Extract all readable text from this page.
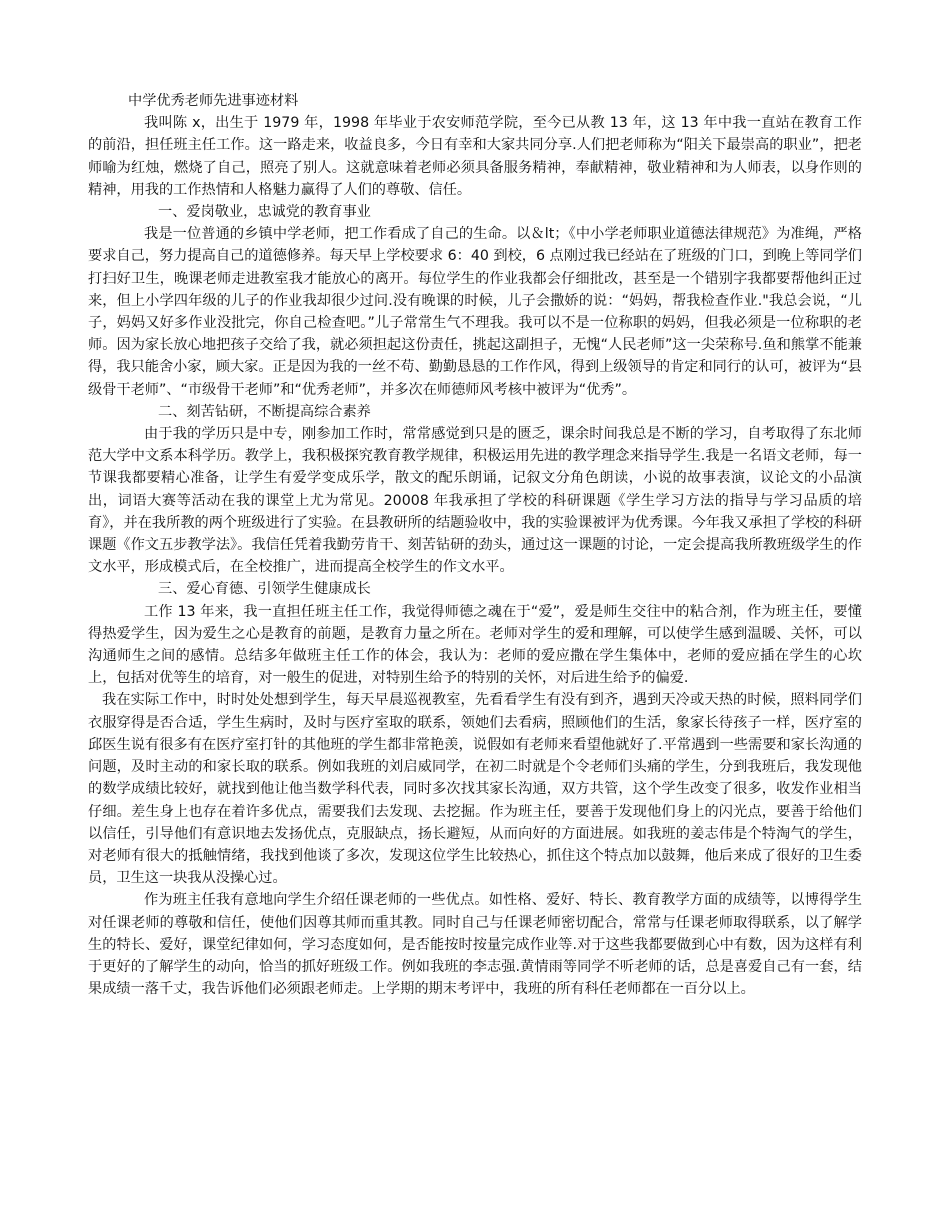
中学优秀老师先进事迹材料

我叫陈 x，出生于 1979 年，1998 年毕业于农安师范学院，至今已从教 13 年，这 13 年中我一直站在教育工作的前沿，担任班主任工作。这一路走来，收益良多，今日有幸和大家共同分享.人们把老师称为“阳关下最崇高的职业”，把老师喻为红烛，燃烧了自己，照亮了别人。这就意味着老师必须具备服务精神，奉献精神，敬业精神和为人师表，以身作则的精神，用我的工作热情和人格魅力赢得了人们的尊敬、信任。

一、爱岗敬业，忠诚党的教育事业

我是一位普通的乡镇中学老师，把工作看成了自己的生命。以＆lt；《中小学老师职业道德法律规范》为准绳，严格要求自己，努力提高自己的道德修养。每天早上学校要求 6：40 到校，6 点刚过我已经站在了班级的门口，到晚上等同学们打扫好卫生，晚课老师走进教室我才能放心的离开。每位学生的作业我都会仔细批改，甚至是一个错别字我都要帮他纠正过来，但上小学四年级的儿子的作业我却很少过问.没有晚课的时候，儿子会撒娇的说：“妈妈，帮我检查作业."我总会说，“儿子，妈妈又好多作业没批完，你自己检查吧。”儿子常常生气不理我。我可以不是一位称职的妈妈，但我必须是一位称职的老师。因为家长放心地把孩子交给了我，就必须担起这份责任，挑起这副担子，无愧“人民老师”这一尖荣称号.鱼和熊掌不能兼得，我只能舍小家，顾大家。正是因为我的一丝不苟、勤勤恳恳的工作作风，得到上级领导的肯定和同行的认可，被评为“县级骨干老师”、“市级骨干老师”和“优秀老师”，并多次在师德师风考核中被评为“优秀”。

二、刻苦钻研，不断提高综合素养

由于我的学历只是中专，刚参加工作时，常常感觉到只是的匮乏，课余时间我总是不断的学习，自考取得了东北师范大学中文系本科学历。教学上，我积极探究教育教学规律，积极运用先进的教学理念来指导学生.我是一名语文老师，每一节课我都要精心准备，让学生有爱学变成乐学，散文的配乐朗诵，记叙文分角色朗读，小说的故事表演，议论文的小品演出，词语大赛等活动在我的课堂上尤为常见。20008 年我承担了学校的科研课题《学生学习方法的指导与学习品质的培育》，并在我所教的两个班级进行了实验。在县教研所的结题验收中，我的实验课被评为优秀课。今年我又承担了学校的科研课题《作文五步教学法》。我信任凭着我勤劳肯干、刻苦钻研的劲头，通过这一课题的讨论，一定会提高我所教班级学生的作文水平，形成模式后，在全校推广，进而提高全校学生的作文水平。

三、爱心育德、引领学生健康成长

工作 13 年来，我一直担任班主任工作，我觉得师德之魂在于“爱”，爱是师生交往中的粘合剂，作为班主任，要懂得热爱学生，因为爱生之心是教育的前题，是教育力量之所在。老师对学生的爱和理解，可以使学生感到温暖、关怀，可以沟通师生之间的感情。总结多年做班主任工作的体会，我认为：老师的爱应撒在学生集体中，老师的爱应插在学生的心坎上，包括对优等生的培育，对一般生的促进，对特别生给予的特别的关怀，对后进生给予的偏爱.

我在实际工作中，时时处处想到学生，每天早晨巡视教室，先看看学生有没有到齐，遇到天冷或天热的时候，照料同学们衣服穿得是否合适，学生生病时，及时与医疗室取的联系，领她们去看病，照顾他们的生活，象家长待孩子一样，医疗室的邱医生说有很多有在医疗室打针的其他班的学生都非常艳羡，说假如有老师来看望他就好了.平常遇到一些需要和家长沟通的问题，及时主动的和家长取的联系。例如我班的刘启威同学，在初二时就是个令老师们头痛的学生，分到我班后，我发现他的数学成绩比较好，就找到他让他当数学科代表，同时多次找其家长沟通，双方共管，这个学生改变了很多，收发作业相当仔细。差生身上也存在着许多优点，需要我们去发现、去挖掘。作为班主任，要善于发现他们身上的闪光点，要善于给他们以信任，引导他们有意识地去发扬优点，克服缺点，扬长避短，从而向好的方面进展。如我班的姜志伟是个特淘气的学生，对老师有很大的抵触情绪，我找到他谈了多次，发现这位学生比较热心，抓住这个特点加以鼓舞，他后来成了很好的卫生委员，卫生这一块我从没操心过。

作为班主任我有意地向学生介绍任课老师的一些优点。如性格、爱好、特长、教育教学方面的成绩等，以博得学生对任课老师的尊敬和信任，使他们因尊其师而重其教。同时自己与任课老师密切配合，常常与任课老师取得联系，以了解学生的特长、爱好，课堂纪律如何，学习态度如何，是否能按时按量完成作业等.对于这些我都要做到心中有数，因为这样有利于更好的了解学生的动向，恰当的抓好班级工作。例如我班的李志强.黄情雨等同学不听老师的话，总是喜爱自己有一套，结果成绩一落千丈，我告诉他们必须跟老师走。上学期的期末考评中，我班的所有科任老师都在一百分以上。
